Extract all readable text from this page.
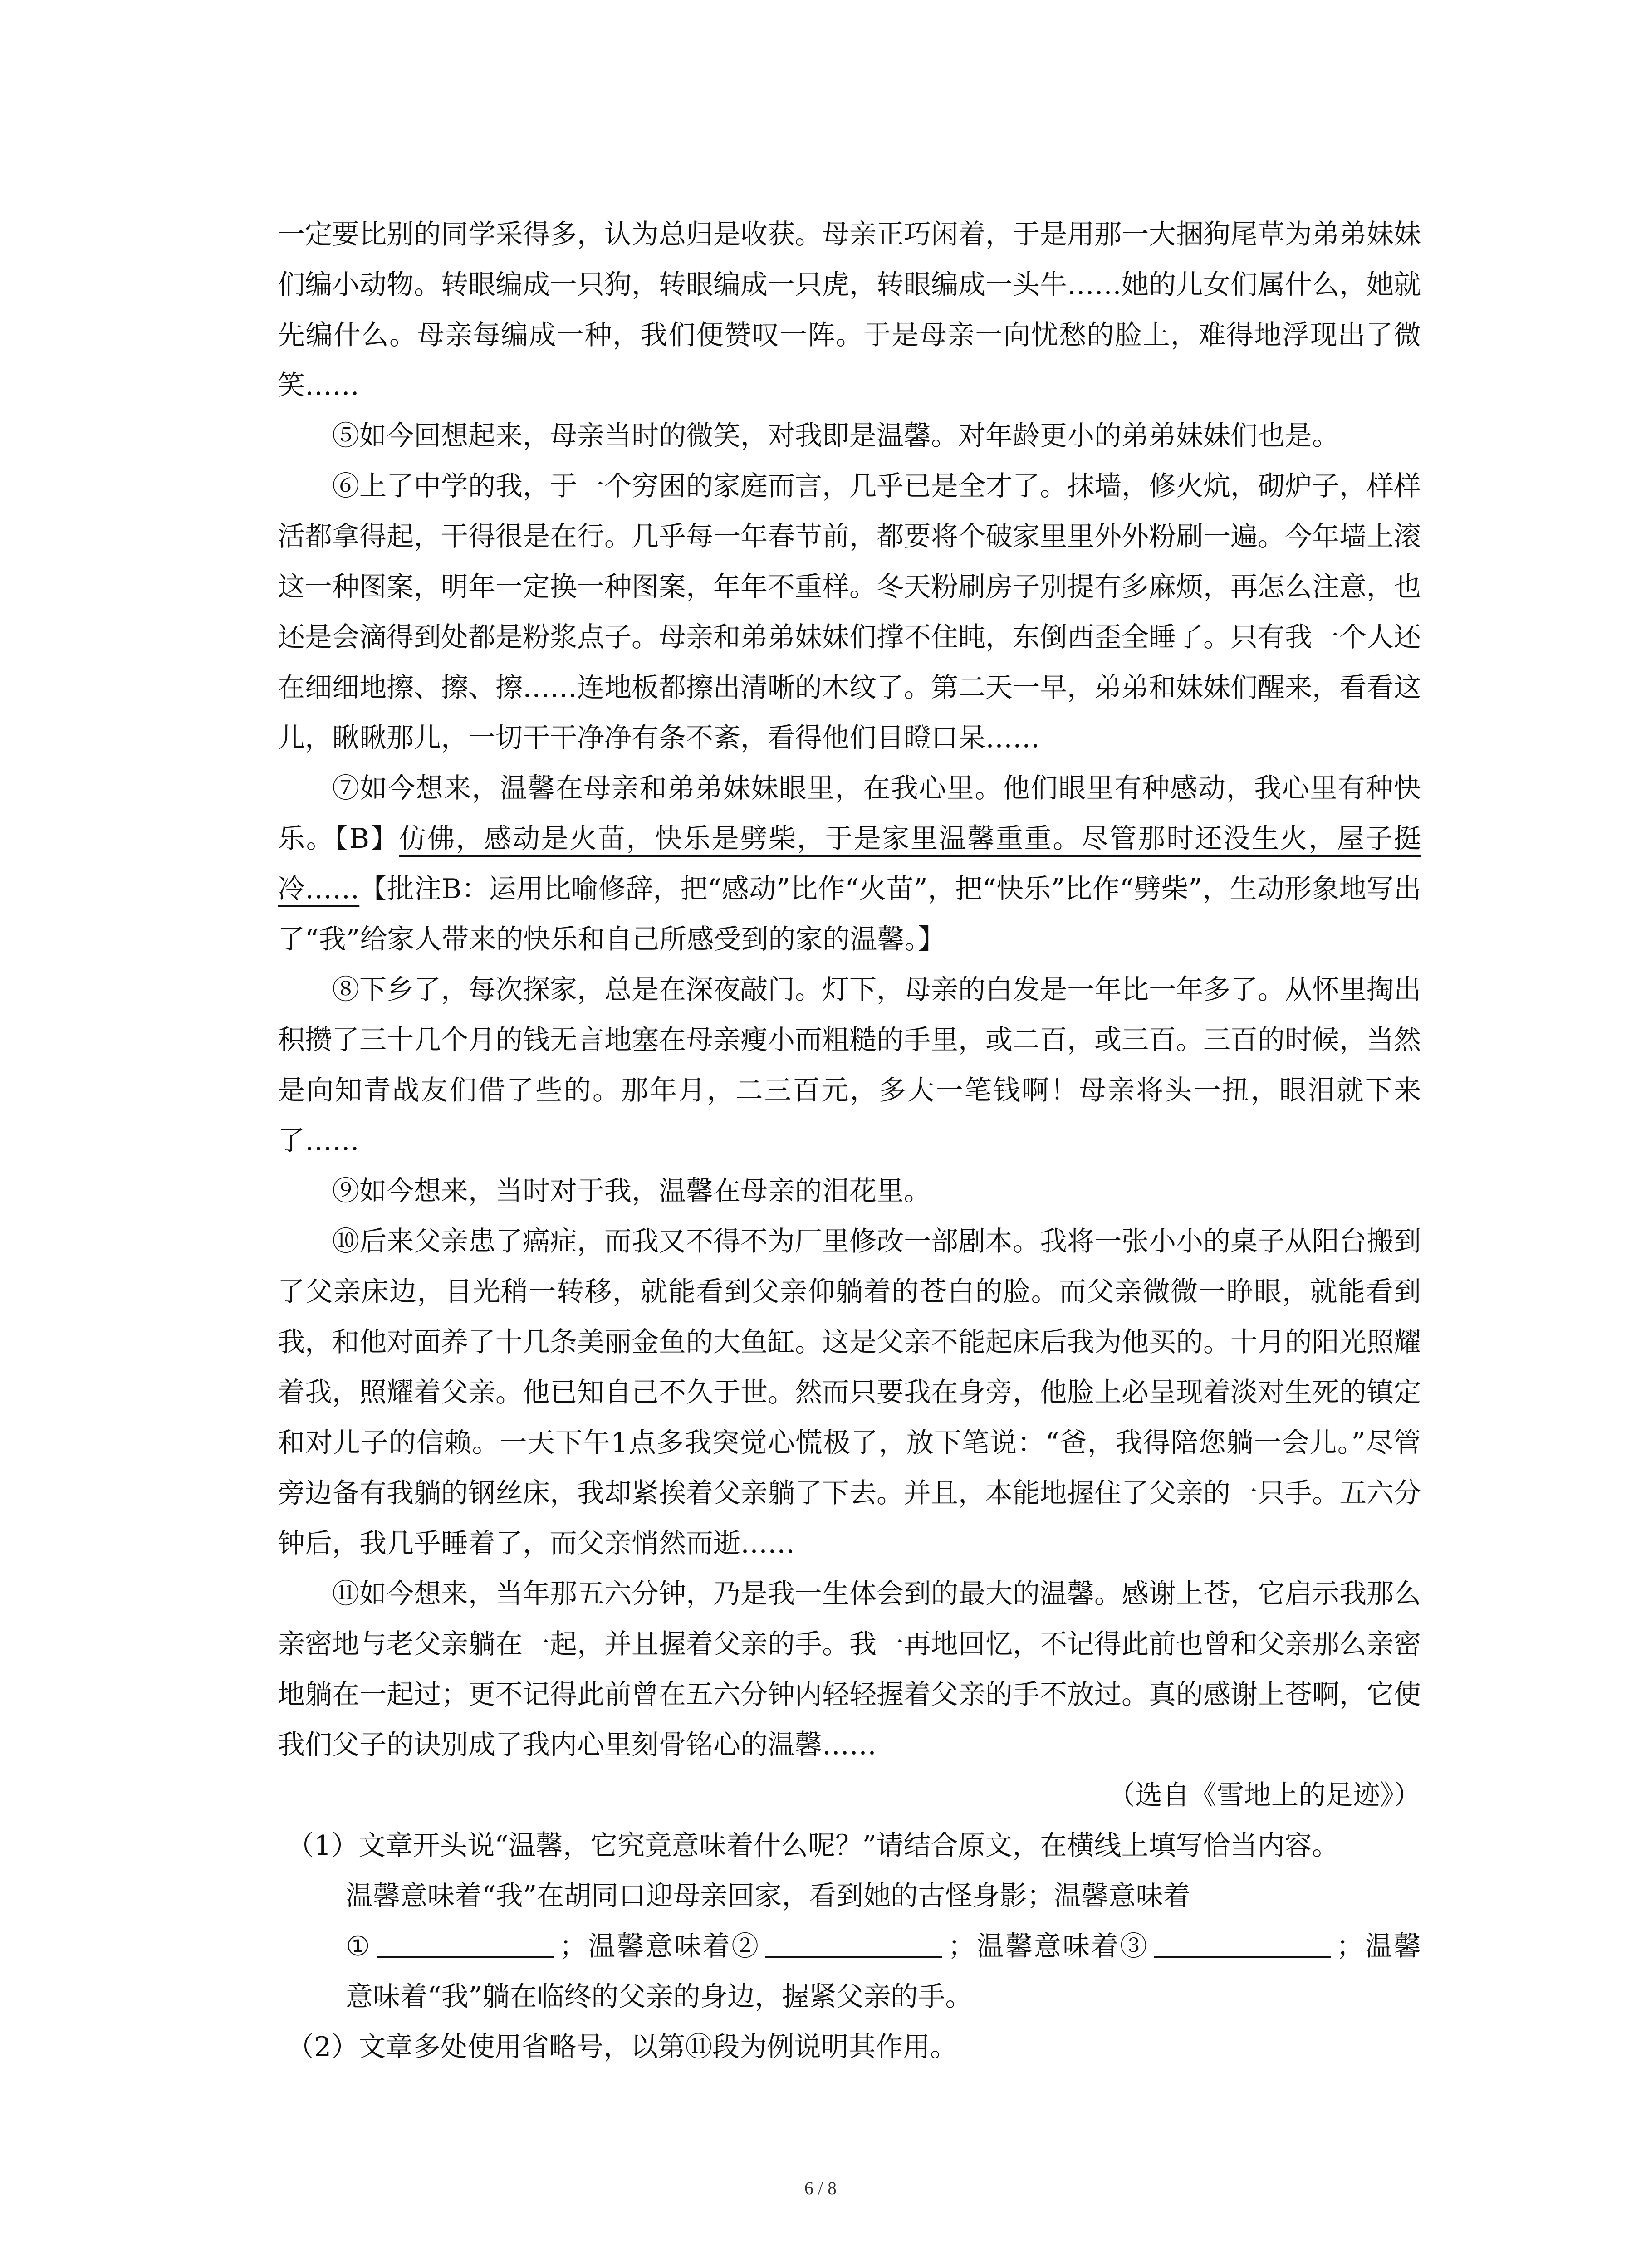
一定要比别的同学采得多，认为总归是收获。母亲正巧闲着，于是用那一大捆狗尾草为弟弟妹妹们编小动物。转眼编成一只狗，转眼编成一只虎，转眼编成一头牛……她的儿女们属什么，她就先编什么。母亲每编成一种，我们便赞叹一阵。于是母亲一向忧愁的脸上，难得地浮现出了微笑……

⑤如今回想起来，母亲当时的微笑，对我即是温馨。对年龄更小的弟弟妹妹们也是。

⑥上了中学的我，于一个穷困的家庭而言，几乎已是全才了。抹墙，修火炕，砌炉子，样样活都拿得起，干得很是在行。几乎每一年春节前，都要将个破家里里外外粉刷一遍。今年墙上滚这一种图案，明年一定换一种图案，年年不重样。冬天粉刷房子别提有多麻烦，再怎么注意，也还是会滴得到处都是粉浆点子。母亲和弟弟妹妹们撑不住盹，东倒西歪全睡了。只有我一个人还在细细地擦、擦、擦……连地板都擦出清晰的木纹了。第二天一早，弟弟和妹妹们醒来，看看这儿，瞅瞅那儿，一切干干净净有条不紊，看得他们目瞪口呆……

⑦如今想来，温馨在母亲和弟弟妹妹眼里，在我心里。他们眼里有种感动，我心里有种快乐。【B】仿佛，感动是火苗，快乐是劈柴，于是家里温馨重重。尽管那时还没生火，屋子挺冷……【批注B：运用比喻修辞，把“感动”比作“火苗”，把“快乐”比作“劈柴”，生动形象地写出了“我”给家人带来的快乐和自己所感受到的家的温馨。】

⑧下乡了，每次探家，总是在深夜敲门。灯下，母亲的白发是一年比一年多了。从怀里掏出积攒了三十几个月的钱无言地塞在母亲瘦小而粗糙的手里，或二百，或三百。三百的时候，当然是向知青战友们借了些的。那年月，二三百元，多大一笔钱啊！母亲将头一扭，眼泪就下来了……

⑨如今想来，当时对于我，温馨在母亲的泪花里。

⑩后来父亲患了癌症，而我又不得不为厂里修改一部剧本。我将一张小小的桌子从阳台搬到了父亲床边，目光稍一转移，就能看到父亲仰躺着的苍白的脸。而父亲微微一睁眼，就能看到我，和他对面养了十几条美丽金鱼的大鱼缸。这是父亲不能起床后我为他买的。十月的阳光照耀着我，照耀着父亲。他已知自己不久于世。然而只要我在身旁，他脸上必呈现着淡对生死的镇定和对儿子的信赖。一天下午1点多我突觉心慌极了，放下笔说：“爸，我得陪您躺一会儿。”尽管旁边备有我躺的钢丝床，我却紧挨着父亲躺了下去。并且，本能地握住了父亲的一只手。五六分钟后，我几乎睡着了，而父亲悄然而逝……

⑪如今想来，当年那五六分钟，乃是我一生体会到的最大的温馨。感谢上苍，它启示我那么亲密地与老父亲躺在一起，并且握着父亲的手。我一再地回忆，不记得此前也曾和父亲那么亲密地躺在一起过；更不记得此前曾在五六分钟内轻轻握着父亲的手不放过。真的感谢上苍啊，它使我们父子的诀别成了我内心里刻骨铭心的温馨……

（选自《雪地上的足迹》）

（1）文章开头说“温馨，它究竟意味着什么呢？”请结合原文，在横线上填写恰当内容。

温馨意味着“我”在胡同口迎母亲回家，看到她的古怪身影；温馨意味着
①	；温馨意味着②	；温馨意味着③	；温馨意味着“我”躺在临终的父亲的身边，握紧父亲的手。

（2）文章多处使用省略号，以第⑪段为例说明其作用。

6 / 8
